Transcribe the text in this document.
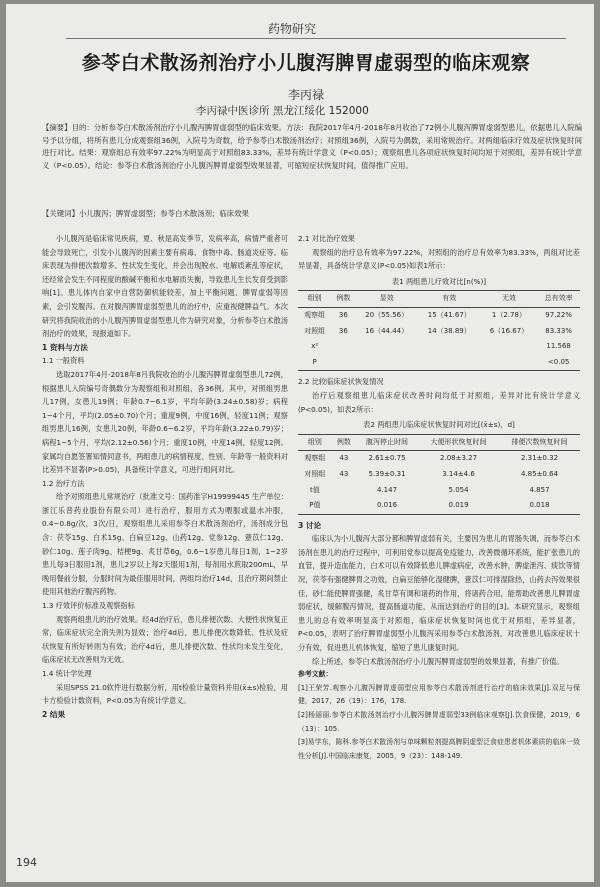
药物研究
参苓白术散汤剂治疗小儿腹泻脾胃虚弱型的临床观察
李丙禄
李丙禄中医诊所 黑龙江绥化 152000

【摘要】目的：分析参苓白术散汤剂治疗小儿腹泻脾胃虚弱型的临床效果。方法：我院2017年4月-2018年8月收治了72例小儿腹泻脾胃虚弱型患儿，依据患儿入院编号予以分组，将所有患儿分成观察组36例，入院号为奇数，给予参苓白术散汤剂治疗；对照组36例，入院号为偶数，采用常规治疗。对两组临床疗效及症状恢复时间进行对比。结果：观察组总有效率97.22%为明显高于对照组83.33%，差异有统计学意义（P<0.05）；观察组患儿各项症状恢复时间均短于对照组，差异有统计学意义（P<0.05）。结论：参苓白术散汤剂治疗小儿腹泻脾胃虚弱型效果显著，可缩短症状恢复时间，值得推广应用。

【关键词】小儿腹泻；脾胃虚弱型；参苓白术散汤剂；临床效果

小儿腹泻是临床常见疾病，夏、秋是高发季节，发病率高，病情严重者可能会导致死亡，引发小儿腹泻的因素主要有病毒、食物中毒、肠道炎症等。临床表现为排便次数增多、性状发生变化，并会出现脱水、电解质紊乱等症状，还经常会发生不同程度的酸碱平衡和水电解质失衡，导致患儿生长发育受到影响[1]。患儿体内自家中自营防御机能较差，加上平衡问题、脾胃虚弱等因素，会引发腹泻。在对腹泻脾胃虚弱型患儿的治疗中，应重视健脾益气。本次研究将我院收治的小儿腹泻脾胃虚弱型患儿作为研究对象，分析参苓白术散汤剂治疗的效果，现报道如下。

1 资料与方法

1.1 一般资料

选取2017年4月-2018年8月我院收治的小儿腹泻脾胃虚弱型患儿72例，根据患儿入院编号奇偶数分为观察组和对照组，各36例。其中，对照组男患儿17例，女患儿19例；年龄0.7~6.1岁，平均年龄(3.24±0.58)岁；病程1~4个月，平均(2.05±0.70)个月；重度9例，中度16例，轻度11例；观察组男患儿16例，女患儿20例，年龄0.6~6.2岁，平均年龄(3.22±0.79)岁；病程1~5个月，平均(2.12±0.56)个月；重度10例，中度14例，轻度12例。家属均自愿签署知情同意书，两组患儿的病情程度、性别、年龄等一般资料对比差异不显著(P>0.05)，具备统计学意义，可进行组间对比。

1.2 治疗方法

给予对照组患儿常规治疗（批准文号：国药准字H19999445 生产单位：浙江乐普药业股份有限公司）进行治疗，服用方式为喂服或温水冲服，0.4~0.8g/次，3次/日，观察组患儿采用参苓白术散汤剂治疗，汤剂成分包含：茯苓15g、白术15g、白扁豆12g、山药12g、党参12g、薏苡仁12g、砂仁10g、莲子肉9g、桔梗9g、炙甘草6g，0.6~1岁患儿每日1剂，1~2岁患儿每3日服用1剂，患儿2岁以上每2天服用1剂，每剂用水煎取200mL，早晚用餐前分服，分服时间为最佳服用时间，两组均治疗14d，且治疗期间禁止使用其他治疗腹泻药物。

1.3 疗效评价标准及观察指标

观察两组患儿的治疗效果。经4d治疗后，患儿排便次数、大便性状恢复正常，临床症状完全消失则为显效；治疗4d后，患儿排便次数降低、性状及症状恢复有所好转则为有效；治疗4d后，患儿排便次数、性状均未发生变化，临床症状无改善则为无效。

1.4 统计学处理

采用SPSS 21.0软件进行数据分析，用t检验计量资料并用(x̄±s)检验，用卡方检验计数资料，P<0.05为有统计学意义。

2 结果

2.1 对比治疗效果

观察组的治疗总有效率为97.22%，对照组的治疗总有效率为83.33%，两组对比差异显著，具备统计学意义(P<0.05)如表1所示：

表1 两组患儿疗效对比[n(%)]
组别	例数	显效	有效	无效	总有效率
观察组	36	20（55.56）	15（41.67）	1（2.78）	97.22%
对照组	36	16（44.44）	14（38.89）	6（16.67）	83.33%
x²					11.568
P					<0.05

2.2 比较临床症状恢复情况

治疗后观察组患儿临床症状改善时间均低于对照组，差异对比有统计学意义(P<0.05)，如表2所示：

表2 两组患儿临床症状恢复时间对比[(x̄±s)，d]
组别	例数	腹泻停止时间	大便形状恢复时间	排便次数恢复时间
观察组	43	2.61±0.75	2.08±3.27	2.31±0.32
对照组	43	5.39±0.31	3.14±4.6	4.85±0.64
t值		4.147	5.054	4.857
P值		0.016	0.019	0.018

3 讨论

临床认为小儿腹泻大部分都和脾胃虚弱有关，主要因为患儿的胃肠失调，而参苓白术汤剂在患儿的治疗过程中，可利用党参以提高免疫能力，改善微循环系统，能扩张患儿的血管，提升造血能力，白术可以有效降低患儿脾虚病症，改善水肿，脾虚泄泻、痰饮等情况，茯苓有强健脾胃之功效，白扁豆能够化湿健脾，薏苡仁可排湿除热，山药去泻效果很佳，砂仁能使脾胃强健，炙甘草有调和诸药的作用，将诸药合用，能帮助改善患儿脾胃虚弱症状，缓解腹泻情况，提高肠道功能，从而达到治疗的目的[3]。本研究显示，观察组患儿的总有效率明显高于对照组，临床症状恢复时间也优于对照组，差异显著，P<0.05，表明了治疗脾胃虚弱型小儿腹泻采用参苓白术散汤剂，对改善患儿临床症状十分有效，促进患儿机体恢复，缩短了患儿康复时间。

综上所述，参苓白术散汤剂治疗小儿腹泻脾胃虚弱型的效果显著，有推广价值。

参考文献：

[1]王荣芳.观察小儿腹泻脾胃虚弱型应用参苓白术散汤剂进行治疗的临床效果[J].双足与保健，2017，26（19）：176，178.

[2]杨丽丽.参苓白术散汤剂治疗小儿腹泻脾胃虚弱型33例临床观察[J].饮食保健，2019，6（13）：105.

[3]易学东，陈科.参苓白术散汤剂与单味颗粒剂提高脾阴虚型泛食症患者机体素质的临床一致性分析[J].中国临床康复，2005，9（23）：148-149.

194
